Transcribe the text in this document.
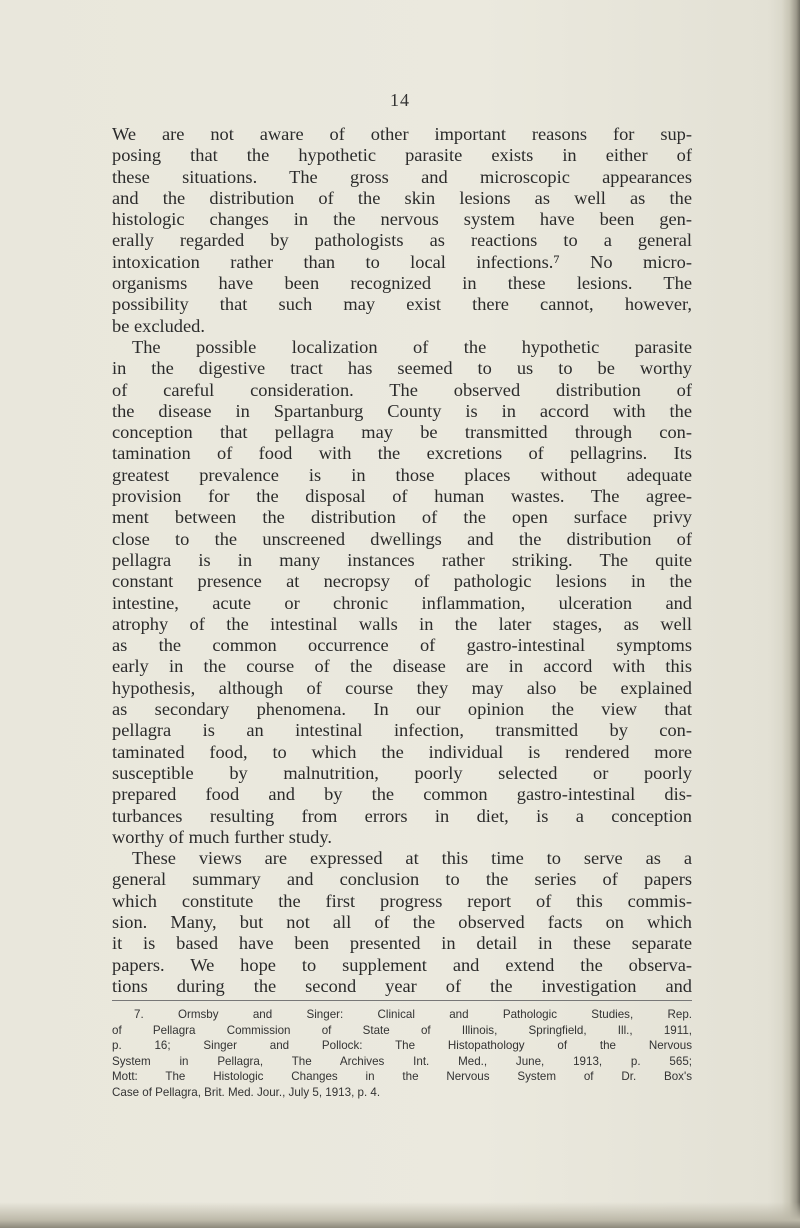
14
We are not aware of other important reasons for sup-
posing that the hypothetic parasite exists in either of
these situations. The gross and microscopic appearances
and the distribution of the skin lesions as well as the
histologic changes in the nervous system have been gen-
erally regarded by pathologists as reactions to a general
intoxication rather than to local infections.⁷ No micro-
organisms have been recognized in these lesions. The
possibility that such may exist there cannot, however,
be excluded.
The possible localization of the hypothetic parasite
in the digestive tract has seemed to us to be worthy
of careful consideration. The observed distribution of
the disease in Spartanburg County is in accord with the
conception that pellagra may be transmitted through con-
tamination of food with the excretions of pellagrins. Its
greatest prevalence is in those places without adequate
provision for the disposal of human wastes. The agree-
ment between the distribution of the open surface privy
close to the unscreened dwellings and the distribution of
pellagra is in many instances rather striking. The quite
constant presence at necropsy of pathologic lesions in the
intestine, acute or chronic inflammation, ulceration and
atrophy of the intestinal walls in the later stages, as well
as the common occurrence of gastro-intestinal symptoms
early in the course of the disease are in accord with this
hypothesis, although of course they may also be explained
as secondary phenomena. In our opinion the view that
pellagra is an intestinal infection, transmitted by con-
taminated food, to which the individual is rendered more
susceptible by malnutrition, poorly selected or poorly
prepared food and by the common gastro-intestinal dis-
turbances resulting from errors in diet, is a conception
worthy of much further study.
These views are expressed at this time to serve as a
general summary and conclusion to the series of papers
which constitute the first progress report of this commis-
sion. Many, but not all of the observed facts on which
it is based have been presented in detail in these separate
papers. We hope to supplement and extend the observa-
tions during the second year of the investigation and
7. Ormsby and Singer: Clinical and Pathologic Studies, Rep.
of Pellagra Commission of State of Illinois, Springfield, Ill., 1911,
p. 16; Singer and Pollock: The Histopathology of the Nervous
System in Pellagra, The Archives Int. Med., June, 1913, p. 565;
Mott: The Histologic Changes in the Nervous System of Dr. Box's
Case of Pellagra, Brit. Med. Jour., July 5, 1913, p. 4.
